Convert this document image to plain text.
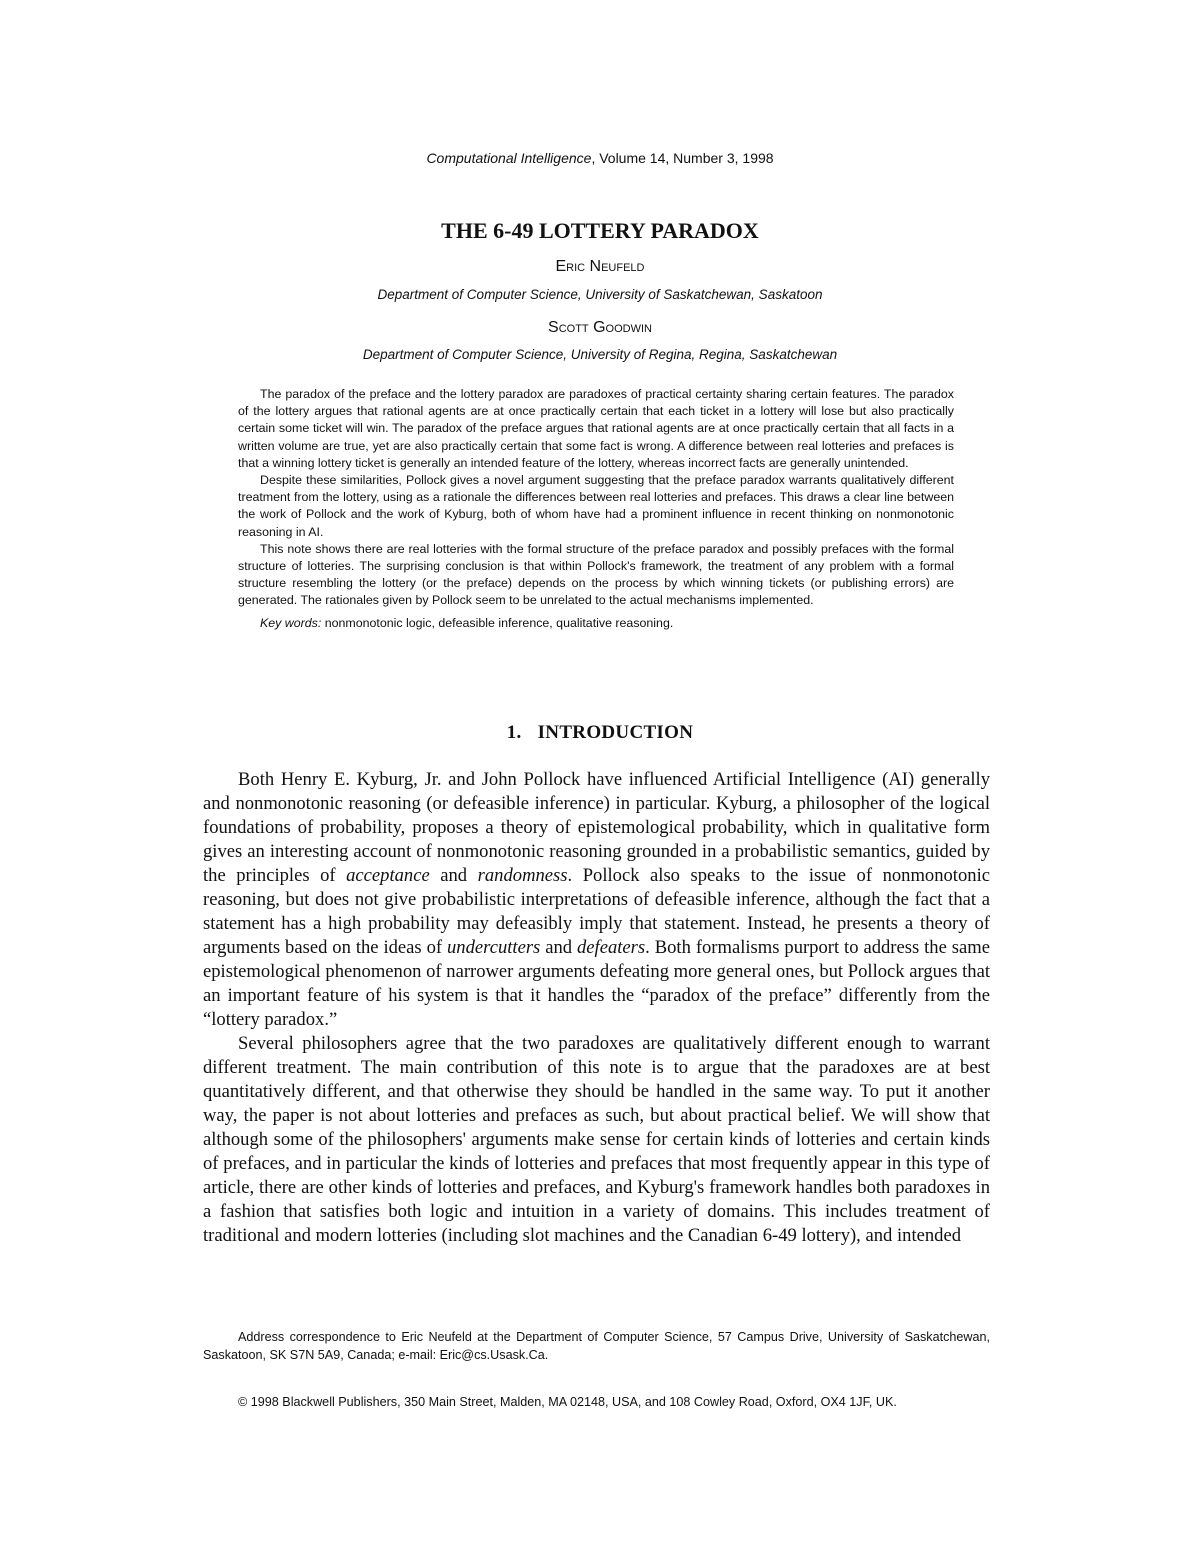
Computational Intelligence, Volume 14, Number 3, 1998
THE 6-49 LOTTERY PARADOX
Eric Neufeld
Department of Computer Science, University of Saskatchewan, Saskatoon
Scott Goodwin
Department of Computer Science, University of Regina, Regina, Saskatchewan

The paradox of the preface and the lottery paradox are paradoxes of practical certainty sharing certain features. The paradox of the lottery argues that rational agents are at once practically certain that each ticket in a lottery will lose but also practically certain some ticket will win. The paradox of the preface argues that rational agents are at once practically certain that all facts in a written volume are true, yet are also practically certain that some fact is wrong. A difference between real lotteries and prefaces is that a winning lottery ticket is generally an intended feature of the lottery, whereas incorrect facts are generally unintended.

Despite these similarities, Pollock gives a novel argument suggesting that the preface paradox warrants qualitatively different treatment from the lottery, using as a rationale the differences between real lotteries and prefaces. This draws a clear line between the work of Pollock and the work of Kyburg, both of whom have had a prominent influence in recent thinking on nonmonotonic reasoning in AI.

This note shows there are real lotteries with the formal structure of the preface paradox and possibly prefaces with the formal structure of lotteries. The surprising conclusion is that within Pollock's framework, the treatment of any problem with a formal structure resembling the lottery (or the preface) depends on the process by which winning tickets (or publishing errors) are generated. The rationales given by Pollock seem to be unrelated to the actual mechanisms implemented.

Key words: nonmonotonic logic, defeasible inference, qualitative reasoning.

1. INTRODUCTION

Both Henry E. Kyburg, Jr. and John Pollock have influenced Artificial Intelligence (AI) generally and nonmonotonic reasoning (or defeasible inference) in particular. Kyburg, a philosopher of the logical foundations of probability, proposes a theory of epistemological probability, which in qualitative form gives an interesting account of nonmonotonic reasoning grounded in a probabilistic semantics, guided by the principles of acceptance and randomness. Pollock also speaks to the issue of nonmonotonic reasoning, but does not give probabilistic interpretations of defeasible inference, although the fact that a statement has a high probability may defeasibly imply that statement. Instead, he presents a theory of arguments based on the ideas of undercutters and defeaters. Both formalisms purport to address the same epistemological phenomenon of narrower arguments defeating more general ones, but Pollock argues that an important feature of his system is that it handles the “paradox of the preface” differently from the “lottery paradox.”

Several philosophers agree that the two paradoxes are qualitatively different enough to warrant different treatment. The main contribution of this note is to argue that the paradoxes are at best quantitatively different, and that otherwise they should be handled in the same way. To put it another way, the paper is not about lotteries and prefaces as such, but about practical belief. We will show that although some of the philosophers' arguments make sense for certain kinds of lotteries and certain kinds of prefaces, and in particular the kinds of lotteries and prefaces that most frequently appear in this type of article, there are other kinds of lotteries and prefaces, and Kyburg's framework handles both paradoxes in a fashion that satisfies both logic and intuition in a variety of domains. This includes treatment of traditional and modern lotteries (including slot machines and the Canadian 6-49 lottery), and intended

Address correspondence to Eric Neufeld at the Department of Computer Science, 57 Campus Drive, University of Saskatchewan, Saskatoon, SK S7N 5A9, Canada; e-mail: Eric@cs.Usask.Ca.

© 1998 Blackwell Publishers, 350 Main Street, Malden, MA 02148, USA, and 108 Cowley Road, Oxford, OX4 1JF, UK.
